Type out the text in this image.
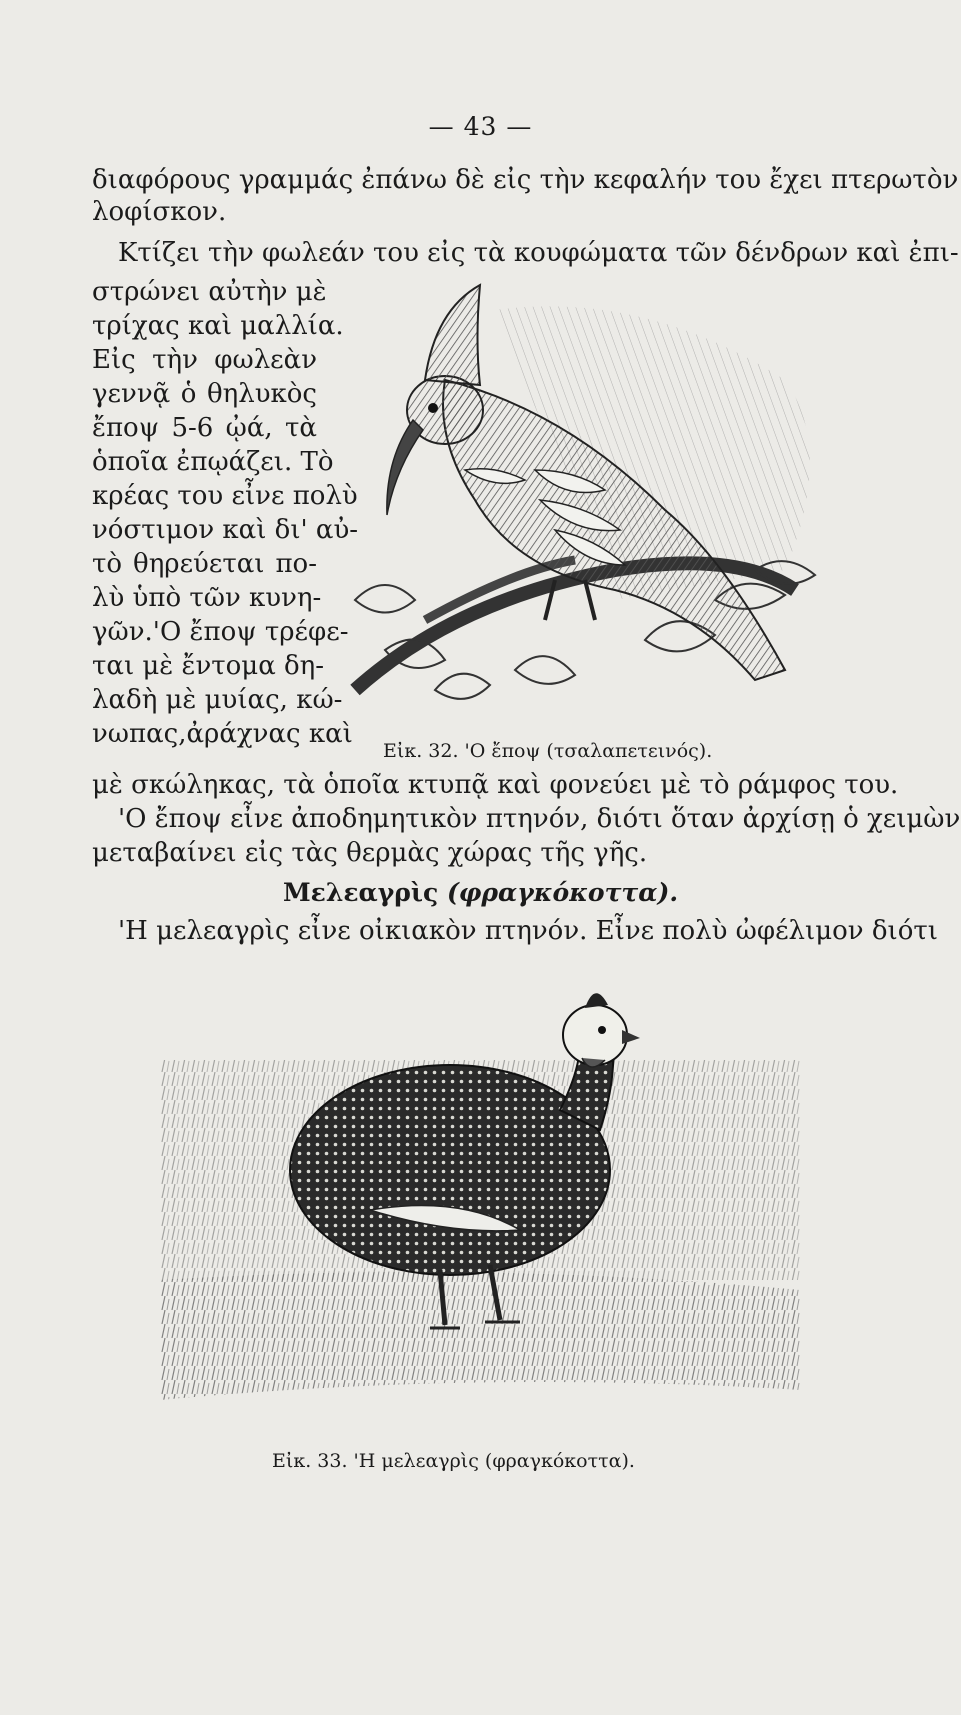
— 43 —
διαφόρους γραμμάς ἐπάνω δὲ εἰς τὴν κεφαλήν του ἔχει πτερωτὸν
λοφίσκον.
Κτίζει τὴν φωλεάν του εἰς τὰ κουφώματα τῶν δένδρων καὶ ἐπι-
στρώνει αὐτὴν μὲ
τρίχας καὶ μαλλία.
Εἰς τὴν φωλεὰν
γεννᾷ ὁ θηλυκὸς
ἔποψ 5-6 ᾠά, τὰ
ὁποῖα ἐπῳάζει. Τὸ
κρέας του εἶνε πολὺ
νόστιμον καὶ δι' αὐ-
τὸ θηρεύεται πο-
λὺ ὑπὸ τῶν κυνη-
γῶν.'Ο ἔποψ τρέφε-
ται μὲ ἔντομα δη-
λαδὴ μὲ μυίας, κώ-
νωπας,ἀράχνας καὶ
Εἰκ. 32. 'Ο ἔποψ (τσαλαπετεινός).
μὲ σκώληκας, τὰ ὁποῖα κτυπᾷ καὶ φονεύει μὲ τὸ ράμφος του.
'Ο ἔποψ εἶνε ἀποδημητικὸν πτηνόν, διότι ὅταν ἀρχίσῃ ὁ χειμὼν
μεταβαίνει εἰς τὰς θερμὰς χώρας τῆς γῆς.
Μελεαγρὶς (φραγκόκοττα).
'Η μελεαγρὶς εἶνε οἰκιακὸν πτηνόν. Εἶνε πολὺ ὠφέλιμον διότι
Εἰκ. 33. 'Η μελεαγρὶς (φραγκόκοττα).
